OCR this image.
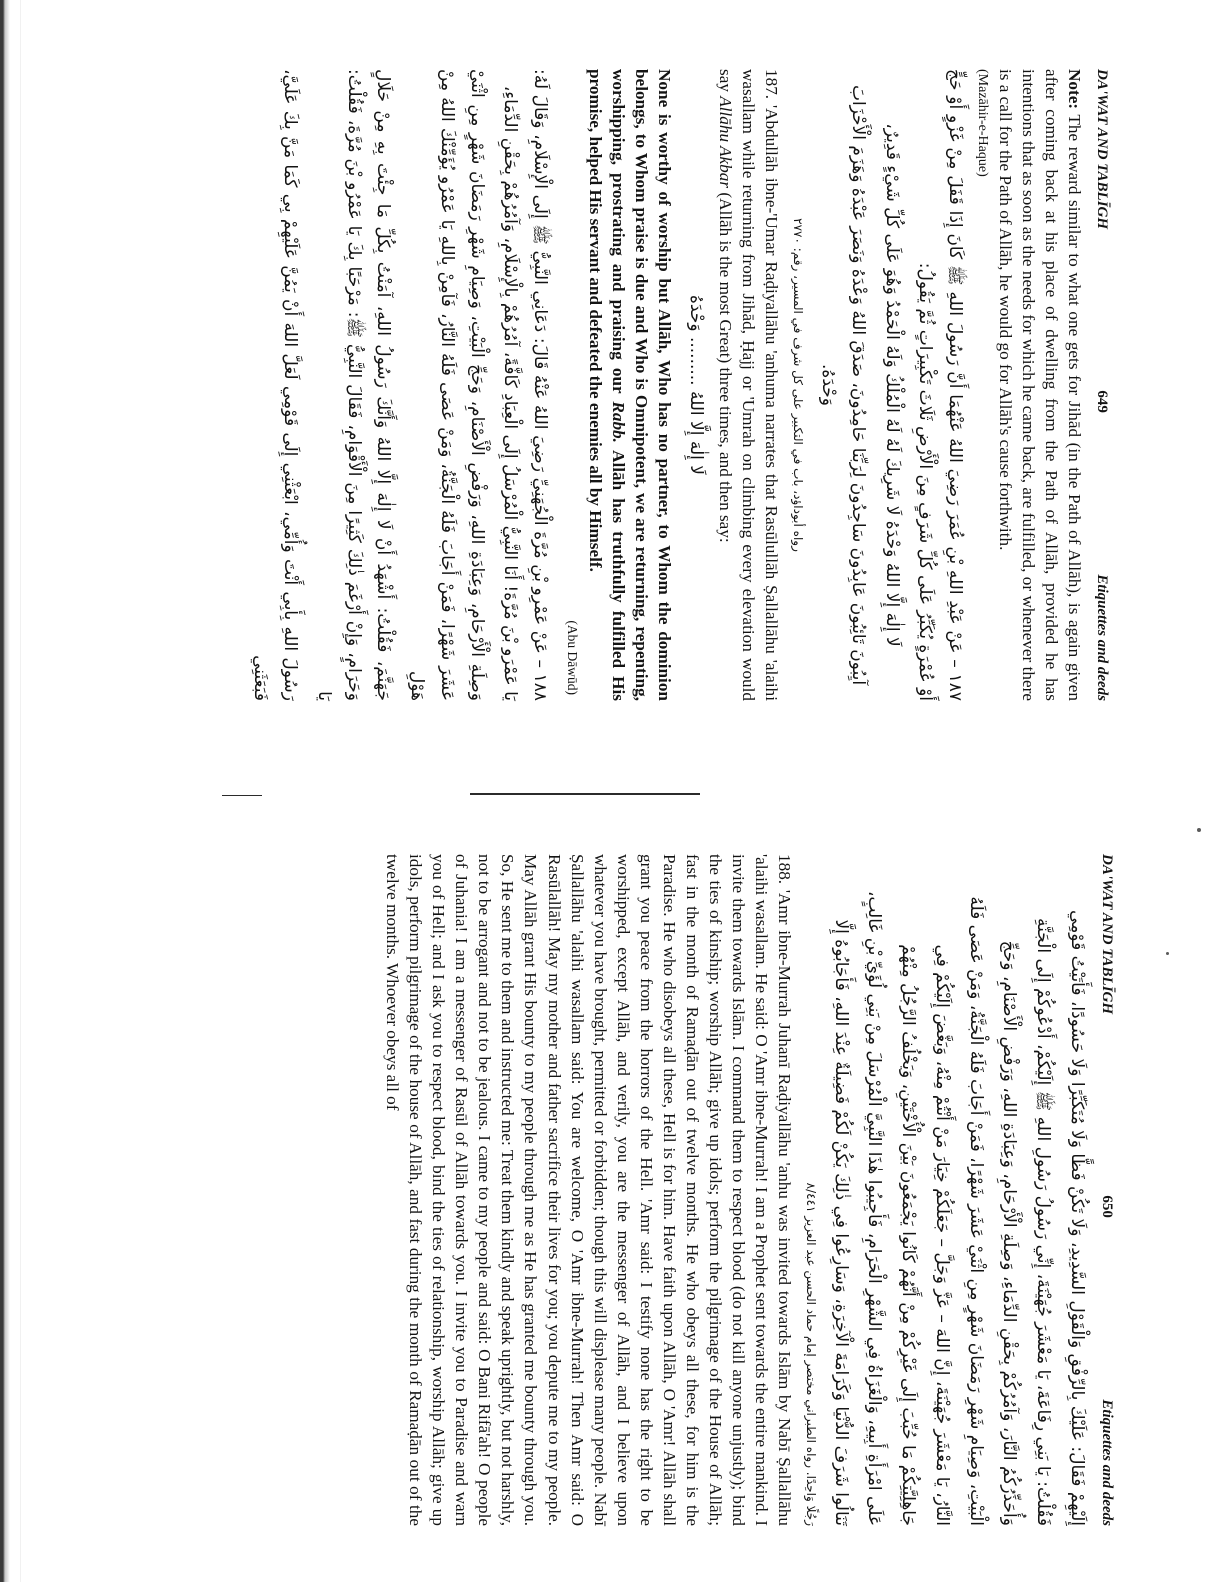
DA'WAT AND TABLĪGH
649
Etiquettes and deeds

Note: The reward similar to what one gets for Jihād (in the Path of Allāh), is again given after coming back at his place of dwelling from the Path of Allāh, provided he has intentions that as soon as the needs for which he came back, are fulfilled, or whenever there is a call for the Path of Allāh, he would go for Allāh's cause forthwith.

(Mazāhir-e-Haque)

١٨٧ – عَنْ عَبْدِ اللهِ بْنِ عُمَرَ رَضِيَ اللهُ عَنْهُمَا أَنَّ رَسُولَ اللهِ ﷺ كَانَ إِذَا قَفَلَ مِنْ غَزْوٍ أَوْ حَجٍّ أَوْ عُمْرَةٍ يُكَبِّرُ عَلَى كُلِّ شَرَفٍ مِنَ الْأَرْضِ ثَلَاثَ تَكْبِيرَاتٍ ثُمَّ يَقُولُ:

لَا إِلٰهَ إِلَّا اللهُ وَحْدَهُ لَا شَرِيكَ لَهُ لَهُ الْمُلْكُ وَلَهُ الْحَمْدُ وَهُوَ عَلَى كُلِّ شَيْءٍ قَدِيرٌ،

آيِبُونَ تَائِبُونَ عَابِدُونَ سَاجِدُونَ لِرَبِّنَا حَامِدُونَ، صَدَقَ اللهُ وَعْدَهُ وَنَصَرَ عَبْدَهُ وَهَزَمَ الْأَحْزَابَ وَحْدَهُ.

رواه أبوداؤد، باب في التكبير على كل شرف في المسير، رقم: ٢٧٧٠

187. 'Abdullāh ibne-'Umar Raḍiyallāhu 'anhuma narrates that Rasūlullāh Ṣallallāhu 'alaihi wasallam while returning from Jihād, Ḥajj or 'Umrah on climbing every elevation would say Allāhu Akbar (Allāh is the most Great) three times, and then say:

لَا إِلٰهَ إِلَّا اللهُ ......... وَحْدَهُ

None is worthy of worship but Allāh, Who has no partner, to Whom the dominion belongs, to Whom praise is due and Who is Omnipotent, we are returning, repenting, worshipping, prostrating and praising our Rabb. Allāh has truthfully fulfilled His promise, helped His servant and defeated the enemies all by Himself.

(Abu Dāwūd)

١٨٨ – عَنْ عَمْرِو بْنِ مُرَّةَ الْجُهَنِيِّ رَضِيَ اللهُ عَنْهُ قَالَ: دَعَانِي النَّبِيُّ ﷺ إِلَى الْإِسْلَامِ، وَقَالَ لَهُ: يَا عَمْرَو بْنَ مُرَّةَ! أَنَا النَّبِيُّ الْمُرْسَلُ إِلَى الْعِبَادِ كَافَّةً، آمُرُهُمْ بِالْإِسْلَامِ، وَآمُرُهُمْ بِحَقْنِ الدِّمَاءِ،

وَصِلَةِ الْأَرْحَامِ، وَعِبَادَةِ اللهِ، وَرَفْضِ الْأَصْنَامِ، وَحَجِّ الْبَيْتِ، وَصِيَامِ شَهْرِ رَمَضَانَ شَهْرٍ مِنِ اثْنَيْ عَشَرَ شَهْرًا، فَمَنْ أَجَابَ فَلَهُ الْجَنَّةُ، وَمَنْ عَصَى فَلَهُ النَّارُ، فَآمِنْ بِاللهِ يَا عَمْرُو يُؤَمِّنْكَ اللهُ مِنْ هَوْلِ

جَهَنَّمَ، فَقُلْتُ: أَشْهَدُ أَنْ لَا إِلٰهَ إِلَّا اللهُ وَأَنَّكَ رَسُولُ اللهِ، آمَنْتُ بِكُلِّ مَا جِئْتَ بِهِ مِنْ حَلَالٍ وَحَرَامٍ، وَإِنْ أَرْغَمَ ذٰلِكَ كَثِيرًا مِنَ الْأَقْوَامِ، فَقَالَ النَّبِيُّ ﷺ: مَرْحَبًا بِكَ يَا عَمْرُو بْنَ مُرَّةَ، فَقُلْتُ: يَا

رَسُولَ اللهِ بِأَبِي أَنْتَ وَأُمِّي، ابْعَثْنِي إِلَى قَوْمِي لَعَلَّ اللهَ أَنْ يَمُنَّ عَلَيْهِمْ بِي كَمَا مَنَّ بِكَ عَلَيَّ، فَبَعَثَنِي

DA'WAT AND TABLĪGH
650
Etiquettes and deeds

إِلَيْهِمْ فَقَالَ: عَلَيْكَ بِالرِّفْقِ وَالْقَوْلِ السَّدِيدِ، وَلَا تَكُنْ فَظًّا وَلَا مُتَكَبِّرًا وَلَا حَسُودًا، فَأَتَيْتُ قَوْمِي

فَقُلْتُ: يَا بَنِي رِفَاعَةَ، يَا مَعْشَرَ جُهَيْنَةَ، إِنِّي رَسُولُ رَسُولِ اللهِ ﷺ إِلَيْكُمْ، أَدْعُوكُمْ إِلَى الْجَنَّةِ

وَأُحَذِّرُكُمُ النَّارَ، وَآمُرُكُمْ بِحَقْنِ الدِّمَاءِ، وَصِلَةِ الْأَرْحَامِ، وَعِبَادَةِ اللهِ، وَرَفْضِ الْأَصْنَامِ، وَحَجِّ

الْبَيْتِ، وَصِيَامِ شَهْرِ رَمَضَانَ شَهْرٍ مِنِ اثْنَيْ عَشَرَ شَهْرًا، فَمَنْ أَجَابَ فَلَهُ الْجَنَّةُ، وَمَنْ عَصَى فَلَهُ

النَّارُ، يَا مَعْشَرَ جُهَيْنَةَ، إِنَّ اللهَ – عَزَّ وَجَلَّ – جَعَلَكُمْ خِيَارَ مَنْ أَنْتُمْ مِنْهُ، وَبَغَّضَ إِلَيْكُمْ فِي

جَاهِلِيَّتِكُمْ مَا حُبِّبَ إِلَى غَيْرِكُمْ مِنْ أَنَّهُمْ كَانُوا يَجْمَعُونَ بَيْنَ الْأُخْتَيْنِ، وَيَخْلُفُ الرَّجُلُ مِنْهُمْ

عَلَى امْرَأَةِ أَبِيهِ، وَالْغَزَاةُ فِي الشَّهْرِ الْحَرَامِ، فَأَجِيبُوا هٰذَا النَّبِيَّ الْمُرْسَلَ مِنْ بَنِي لُؤَيِّ بْنِ غَالِبٍ،

تَنَالُوا شَرَفَ الدُّنْيَا وَكَرَامَةَ الْآخِرَةِ، وَسَارِعُوا فِي ذٰلِكَ يَكُنْ لَكُمْ فَضِيلَةٌ عِنْدَ اللهِ، فَأَجَابُوهُ إِلَّا

رَجُلًا وَاحِدًا. رواه الطبراني مختصر إمام حماد الحسن عبد العزيز ٨/٤٤١

188. 'Amr ibne-Murrah Juhanī Raḍiyallāhu 'anhu was invited towards Islām by Nabī Ṣallallāhu 'alaihi wasallam. He said: O 'Amr ibne-Murrah! I am a Prophet sent towards the entire mankind. I invite them towards Islām. I command them to respect blood (do not kill anyone unjustly); bind the ties of kinship; worship Allāh; give up idols; perform the pilgrimage of the House of Allāh; fast in the month of Ramaḍān out of twelve months. He who obeys all these, for him is the Paradise. He who disobeys all these, Hell is for him. Have faith upon Allāh, O 'Amr! Allāh shall grant you peace from the horrors of the Hell. 'Amr said: I testify none has the right to be worshipped, except Allāh, and verily, you are the messenger of Allāh, and I believe upon whatever you have brought, permitted or forbidden; though this will displease many people. Nabī Ṣallallāhu 'alaihi wasallam said: You are welcome, O 'Amr ibne-Murrah! Then Amr said: O Rasūlallāh! May my mother and father sacrifice their lives for you; you depute me to my people. May Allāh grant His bounty to my people through me as He has granted me bounty through you. So, He sent me to them and instructed me: Treat them kindly and speak uprightly, but not harshly, not to be arrogant and not to be jealous. I came to my people and said: O Bani Rifā'ah! O people of Juhania! I am a messenger of Rasūl of Allāh towards you. I invite you to Paradise and warn you of Hell; and I ask you to respect blood, bind the ties of relationship, worship Allāh; give up idols, perform pilgrimage of the house of Allāh, and fast during the month of Ramaḍān out of the twelve months. Whoever obeys all of
